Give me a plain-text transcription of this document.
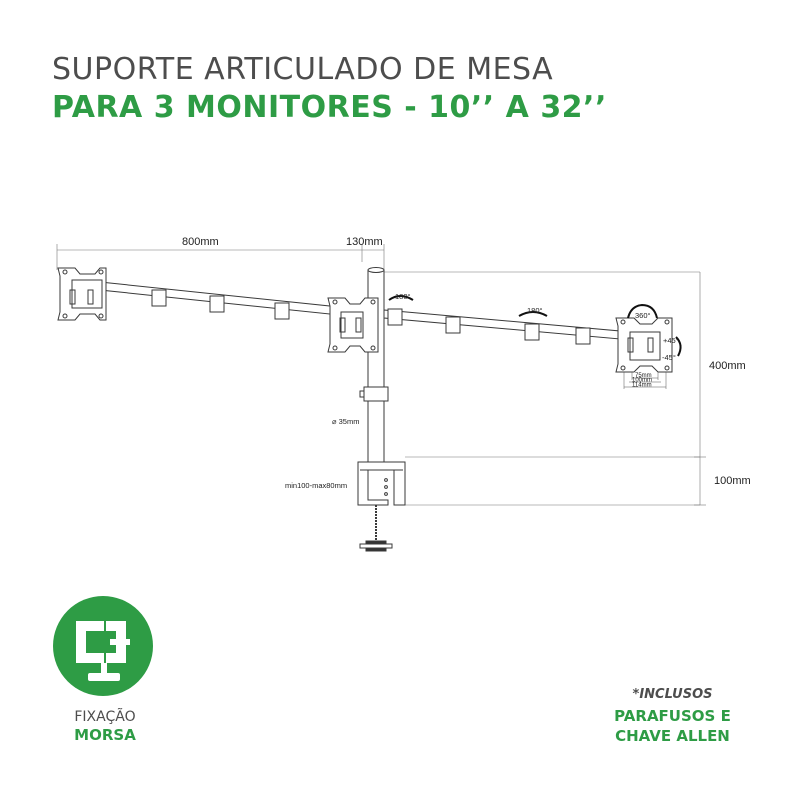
SUPORTE ARTICULADO DE MESA
PARA 3 MONITORES - 10’’ A 32’’
800mm	130mm
400mm
100mm
⌀ 35mm
min100-max80mm
180°
180°
360°
+45°
-45°
75mm
100mm
114mm
FIXAÇÃO
MORSA
*INCLUSOS
PARAFUSOS E
CHAVE ALLEN
